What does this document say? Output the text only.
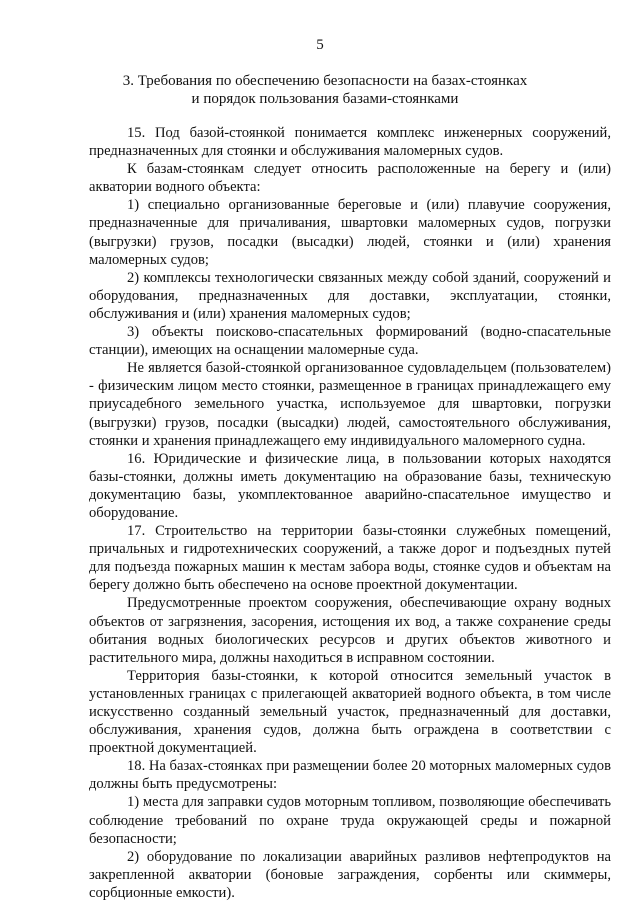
5
3. Требования по обеспечению безопасности на базах-стоянках
и порядок пользования базами-стоянками

15. Под базой-стоянкой понимается комплекс инженерных сооружений, предназначенных для стоянки и обслуживания маломерных судов.

К базам-стоянкам следует относить расположенные на берегу и (или) акватории водного объекта:

1) специально организованные береговые и (или) плавучие сооружения, предназначенные для причаливания, швартовки маломерных судов, погрузки (выгрузки) грузов, посадки (высадки) людей, стоянки и (или) хранения маломерных судов;

2) комплексы технологически связанных между собой зданий, сооружений и оборудования, предназначенных для доставки, эксплуатации, стоянки, обслуживания и (или) хранения маломерных судов;

3) объекты поисково-спасательных формирований (водно-спасательные станции), имеющих на оснащении маломерные суда.

Не является базой-стоянкой организованное судовладельцем (пользователем) - физическим лицом место стоянки, размещенное в границах принадлежащего ему приусадебного земельного участка, используемое для швартовки, погрузки (выгрузки) грузов, посадки (высадки) людей, самостоятельного обслуживания, стоянки и хранения принадлежащего ему индивидуального маломерного судна.

16. Юридические и физические лица, в пользовании которых находятся базы-стоянки, должны иметь документацию на образование базы, техническую документацию базы, укомплектованное аварийно-спасательное имущество и оборудование.

17. Строительство на территории базы-стоянки служебных помещений, причальных и гидротехнических сооружений, а также дорог и подъездных путей для подъезда пожарных машин к местам забора воды, стоянке судов и объектам на берегу должно быть обеспечено на основе проектной документации.

Предусмотренные проектом сооружения, обеспечивающие охрану водных объектов от загрязнения, засорения, истощения их вод, а также сохранение среды обитания водных биологических ресурсов и других объектов животного и растительного мира, должны находиться в исправном состоянии.

Территория базы-стоянки, к которой относится земельный участок в установленных границах с прилегающей акваторией водного объекта, в том числе искусственно созданный земельный участок, предназначенный для доставки, обслуживания, хранения судов, должна быть ограждена в соответствии с проектной документацией.

18. На базах-стоянках при размещении более 20 моторных маломерных судов должны быть предусмотрены:

1) места для заправки судов моторным топливом, позволяющие обеспечивать соблюдение требований по охране труда окружающей среды и пожарной безопасности;

2) оборудование по локализации аварийных разливов нефтепродуктов на закрепленной акватории (боновые заграждения, сорбенты или скиммеры, сорбционные емкости).
